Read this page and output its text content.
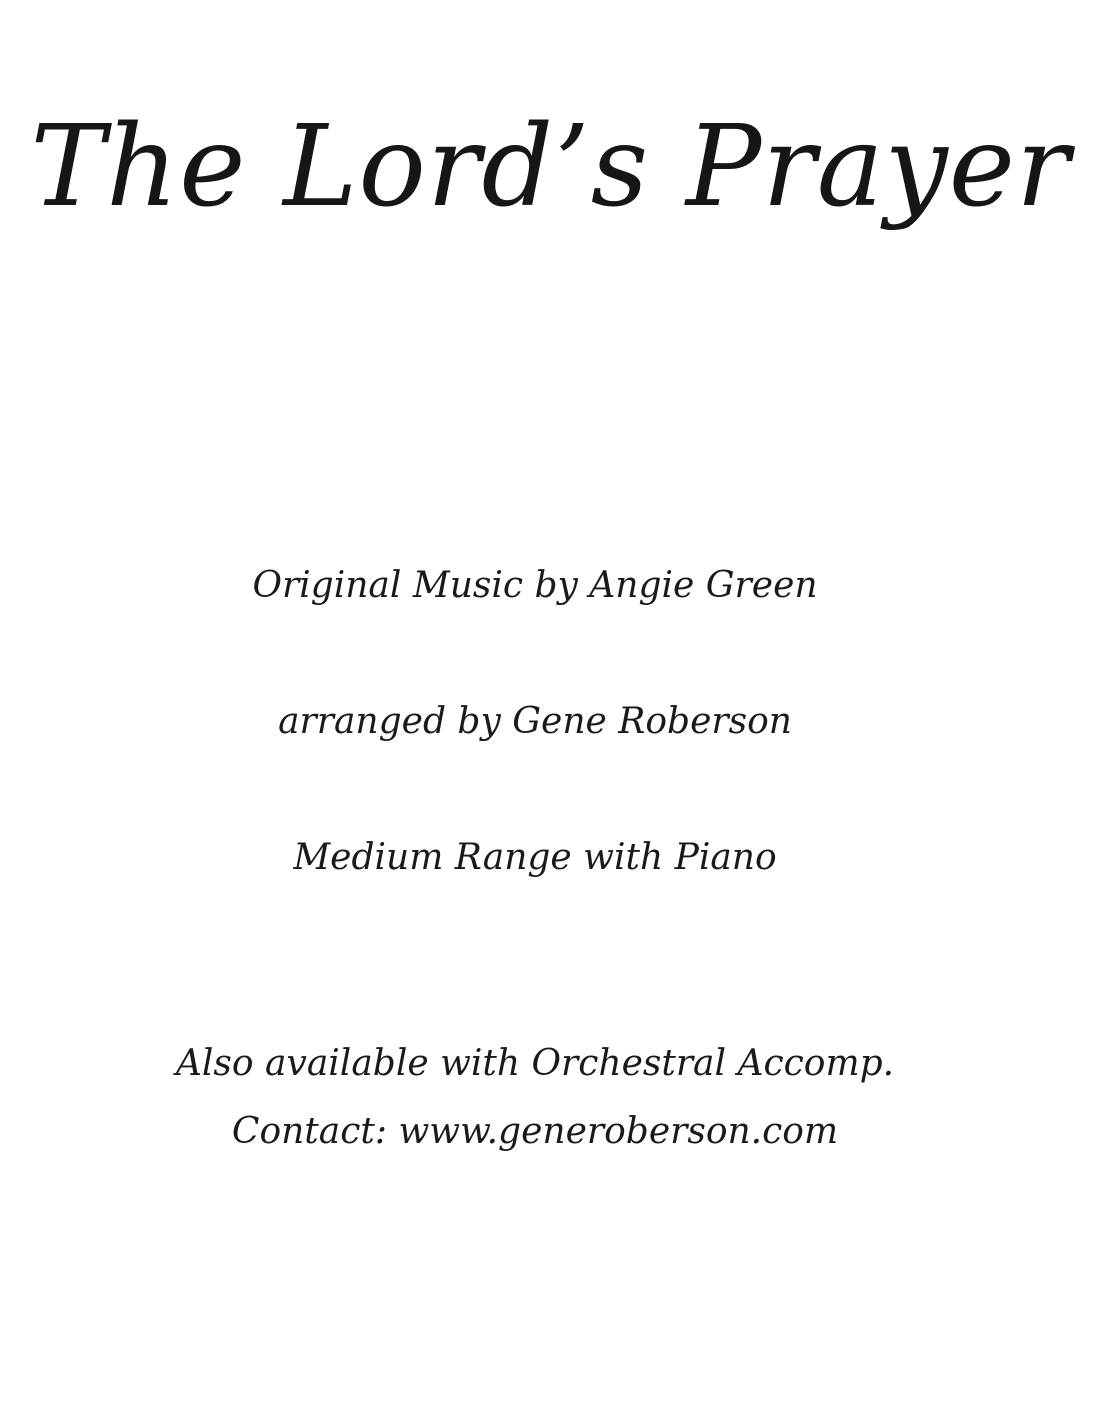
The Lord’s Prayer
Original Music by Angie Green
arranged by Gene Roberson
Medium Range with Piano
Also available with Orchestral Accomp.
Contact: www.generoberson.com
